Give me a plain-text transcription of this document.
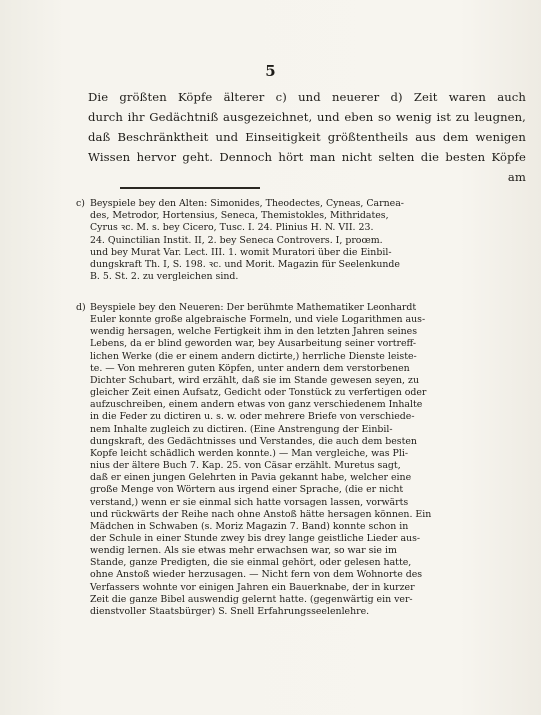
5
Die größten Köpfe älterer c) und neuerer d) Zeit waren auch
durch ihr Gedächtniß ausgezeichnet, und eben so wenig ist zu leugnen,
daß Beschränktheit und Einseitigkeit größtentheils aus dem wenigen
Wissen hervor geht. Dennoch hört man nicht selten die besten Köpfe
am
c) Beyspiele bey den Alten: Simonides, Theodectes, Cyneas, Carnea-
des, Metrodor, Hortensius, Seneca, Themistokles, Mithridates,
Cyrus ꝛc. M. s. bey Cicero, Tusc. I. 24. Plinius H. N. VII. 23.
24. Quinctilian Instit. II, 2. bey Seneca Controvers. I, proœm.
und bey Murat Var. Lect. III. 1. womit Muratori über die Einbil-
dungskraft Th. I, S. 198. ꝛc. und Morit. Magazin für Seelenkunde
B. 5. St. 2. zu vergleichen sind.
d) Beyspiele bey den Neueren: Der berühmte Mathematiker Leonhardt
Euler konnte große algebraische Formeln, und viele Logarithmen aus-
wendig hersagen, welche Fertigkeit ihm in den letzten Jahren seines
Lebens, da er blind geworden war, bey Ausarbeitung seiner vortreff-
lichen Werke (die er einem andern dictirte,) herrliche Dienste leiste-
te. — Von mehreren guten Köpfen, unter andern dem verstorbenen
Dichter Schubart, wird erzählt, daß sie im Stande gewesen seyen, zu
gleicher Zeit einen Aufsatz, Gedicht oder Tonstück zu verfertigen oder
aufzuschreiben, einem andern etwas von ganz verschiedenem Inhalte
in die Feder zu dictiren u. s. w. oder mehrere Briefe von verschiede-
nem Inhalte zugleich zu dictiren. (Eine Anstrengung der Einbil-
dungskraft, des Gedächtnisses und Verstandes, die auch dem besten
Kopfe leicht schädlich werden konnte.) — Man vergleiche, was Pli-
nius der ältere Buch 7. Kap. 25. von Cäsar erzählt. Muretus sagt,
daß er einen jungen Gelehrten in Pavia gekannt habe, welcher eine
große Menge von Wörtern aus irgend einer Sprache, (die er nicht
verstand,) wenn er sie einmal sich hatte vorsagen lassen, vorwärts
und rückwärts der Reihe nach ohne Anstoß hätte hersagen können. Ein
Mädchen in Schwaben (s. Moriz Magazin 7. Band) konnte schon in
der Schule in einer Stunde zwey bis drey lange geistliche Lieder aus-
wendig lernen. Als sie etwas mehr erwachsen war, so war sie im
Stande, ganze Predigten, die sie einmal gehört, oder gelesen hatte,
ohne Anstoß wieder herzusagen. — Nicht fern von dem Wohnorte des
Verfassers wohnte vor einigen Jahren ein Bauerknabe, der in kurzer
Zeit die ganze Bibel auswendig gelernt hatte. (gegenwärtig ein ver-
dienstvoller Staatsbürger) S. Snell Erfahrungsseelenlehre.
